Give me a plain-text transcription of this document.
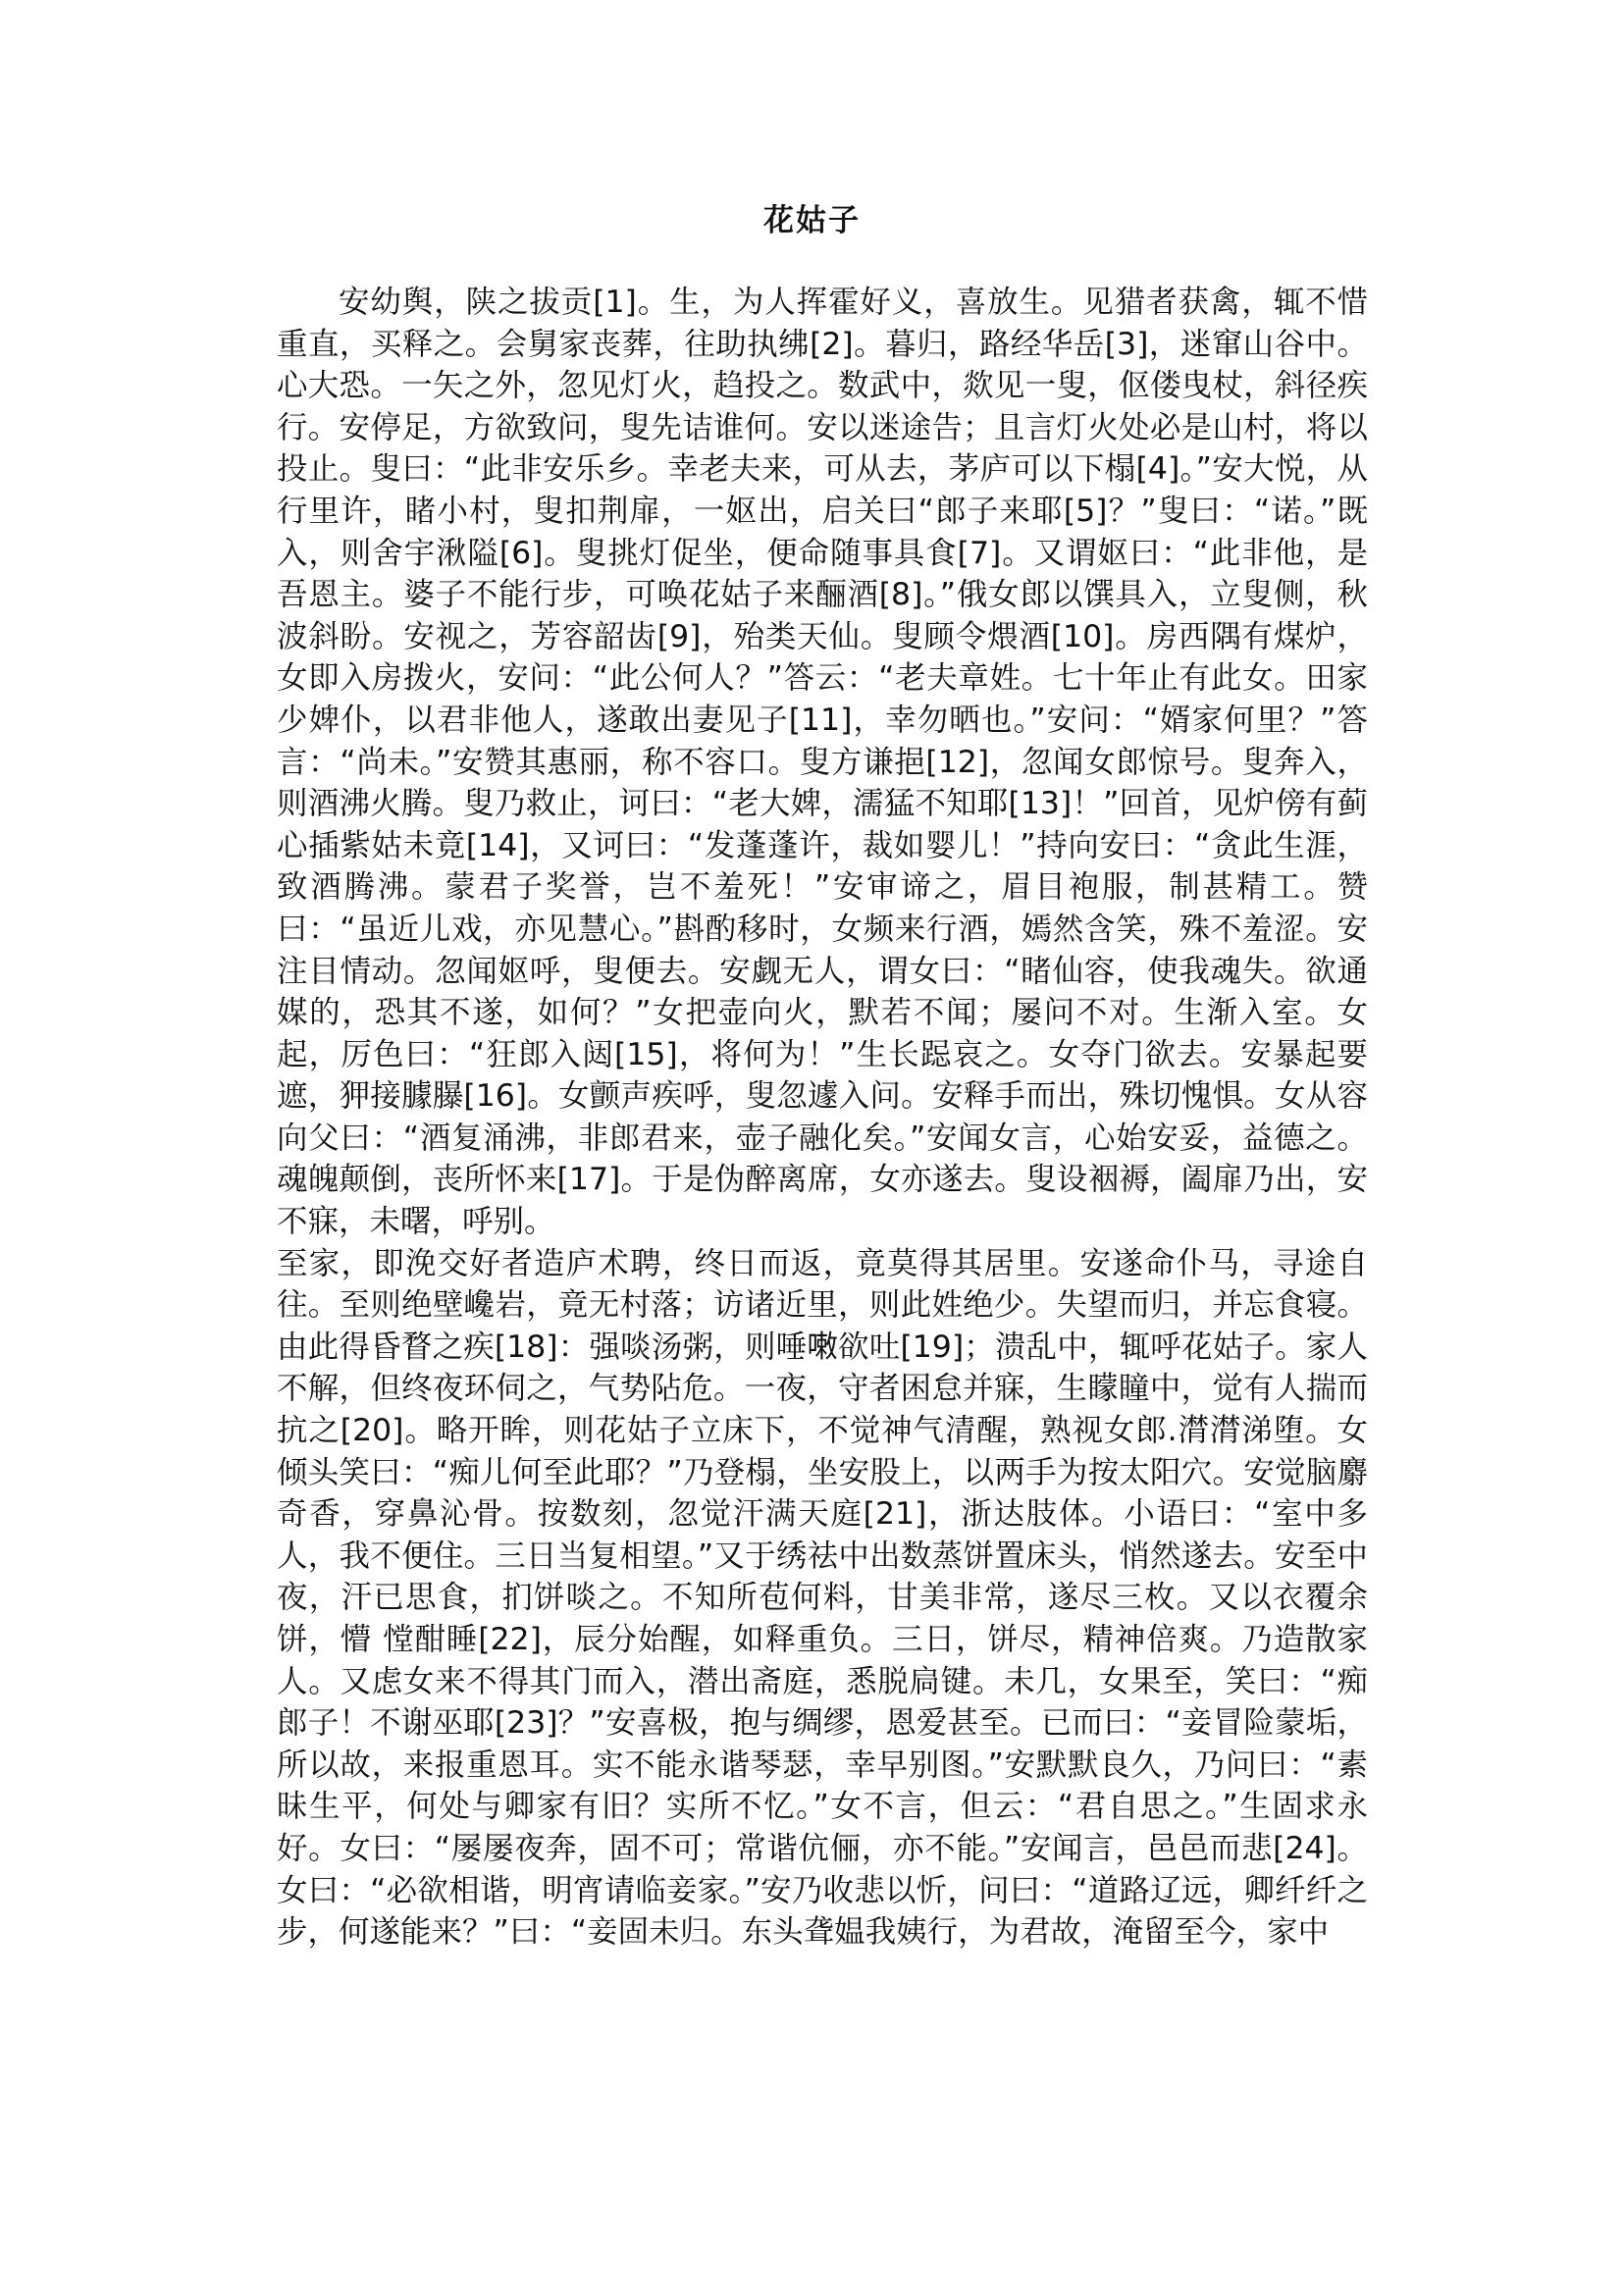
花姑子

安幼舆，陕之拔贡[1]。生，为人挥霍好义，喜放生。见猎者获禽，辄不惜重直，买释之。会舅家丧葬，往助执绋[2]。暮归，路经华岳[3]，迷窜山谷中。心大恐。一矢之外，忽见灯火，趋投之。数武中，欻见一叟，伛偻曳杖，斜径疾行。安停足，方欲致问，叟先诘谁何。安以迷途告；且言灯火处必是山村，将以投止。叟曰：“此非安乐乡。幸老夫来，可从去，茅庐可以下榻[4]。”安大悦，从行里许，睹小村，叟扣荆扉，一妪出，启关曰“郎子来耶[5]？”叟曰：“诺。”既入，则舍宇湫隘[6]。叟挑灯促坐，便命随事具食[7]。又谓妪曰：“此非他，是吾恩主。婆子不能行步，可唤花姑子来酾酒[8]。”俄女郎以馔具入，立叟侧，秋波斜盼。安视之，芳容韶齿[9]，殆类天仙。叟顾令煨酒[10]。房西隅有煤炉，女即入房拨火，安问：“此公何人？”答云：“老夫章姓。七十年止有此女。田家少婢仆，以君非他人，遂敢出妻见子[11]，幸勿晒也。”安问：“婿家何里？”答言：“尚未。”安赞其惠丽，称不容口。叟方谦挹[12]，忽闻女郎惊号。叟奔入，则酒沸火腾。叟乃救止，诃曰：“老大婢，濡猛不知耶[13]！”回首，见炉傍有蓟心插紫姑未竟[14]，又诃曰：“发蓬蓬许，裁如婴儿！”持向安曰：“贪此生涯，致酒腾沸。蒙君子奖誉，岂不羞死！”安审谛之，眉目袍服，制甚精工。赞曰：“虽近儿戏，亦见慧心。”斟酌移时，女频来行酒，嫣然含笑，殊不羞涩。安注目情动。忽闻妪呼，叟便去。安觑无人，谓女曰：“睹仙容，使我魂失。欲通媒的，恐其不遂，如何？”女把壶向火，默若不闻；屡问不对。生渐入室。女起，厉色曰：“狂郎入闼[15]，将何为！”生长跽哀之。女夺门欲去。安暴起要遮，狎接臄𦢊[16]。女颤声疾呼，叟忽遽入问。安释手而出，殊切愧惧。女从容向父曰：“酒复涌沸，非郎君来，壶子融化矣。”安闻女言，心始安妥，益德之。魂魄颠倒，丧所怀来[17]。于是伪醉离席，女亦遂去。叟设裀褥，阖扉乃出，安不寐，未曙，呼别。

至家，即浼交好者造庐术聘，终日而返，竟莫得其居里。安遂命仆马，寻途自往。至则绝壁巉岩，竟无村落；访诸近里，则此姓绝少。失望而归，并忘食寝。由此得昏瞀之疾[18]：强啖汤粥，则唾𠻳欲吐[19]；溃乱中，辄呼花姑子。家人不解，但终夜环伺之，气势阽危。一夜，守者困怠并寐，生矇瞳中，觉有人揣而抗之[20]。略开眸，则花姑子立床下，不觉神气清醒，熟视女郎.潸潸涕堕。女倾头笑曰：“痴儿何至此耶？”乃登榻，坐安股上，以两手为按太阳穴。安觉脑麝奇香，穿鼻沁骨。按数刻，忽觉汗满天庭[21]，浙达肢体。小语曰：“室中多人，我不便住。三日当复相望。”又于绣祛中出数蒸饼置床头，悄然遂去。安至中夜，汗已思食，扪饼啖之。不知所苞何料，甘美非常，遂尽三枚。又以衣覆余饼，懵 憆酣睡[22]，辰分始醒，如释重负。三日，饼尽，精神倍爽。乃造散家人。又虑女来不得其门而入，潜出斋庭，悉脱扃键。未几，女果至，笑曰：“痴郎子！不谢巫耶[23]？”安喜极，抱与绸缪，恩爱甚至。已而曰：“妾冒险蒙垢，所以故，来报重恩耳。实不能永谐琴瑟，幸早别图。”安默默良久，乃问曰：“素昧生平，何处与卿家有旧？实所不忆。”女不言，但云：“君自思之。”生固求永好。女曰：“屡屡夜奔，固不可；常谐伉俪，亦不能。”安闻言，邑邑而悲[24]。女曰：“必欲相谐，明宵请临妾家。”安乃收悲以忻，问曰：“道路辽远，卿纤纤之步，何遂能来？”曰：“妾固未归。东头聋媪我姨行，为君故，淹留至今，家中
